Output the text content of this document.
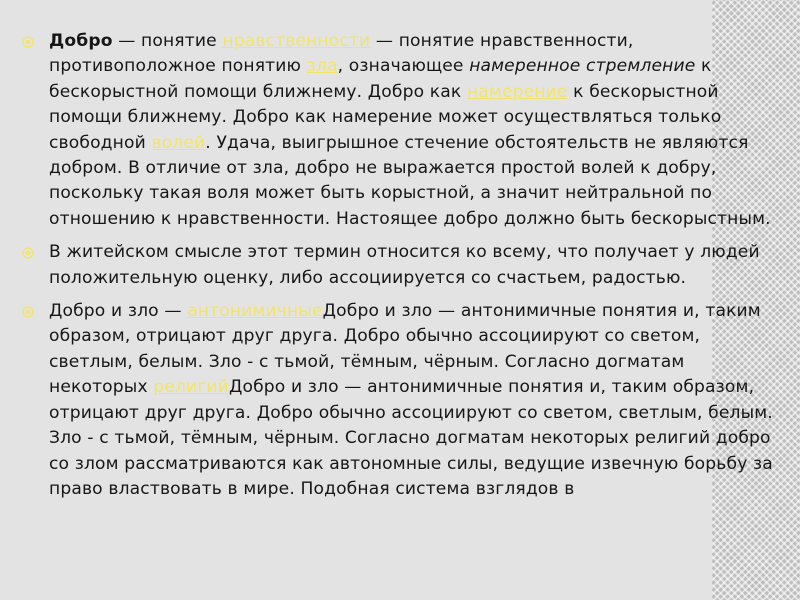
Добро — понятие нравственности — понятие нравственности, противоположное понятию зла, означающее намеренное стремление к бескорыстной помощи ближнему. Добро как намерение к бескорыстной помощи ближнему. Добро как намерение может осуществляться только свободной волей. Удача, выигрышное стечение обстоятельств не являются добром. В отличие от зла, добро не выражается простой волей к добру, поскольку такая воля может быть корыстной, а значит нейтральной по отношению к нравственности. Настоящее добро должно быть бескорыстным.

В житейском смысле этот термин относится ко всему, что получает у людей положительную оценку, либо ассоциируется со счастьем, радостью.

Добро и зло — антонимичныеДобро и зло — антонимичные понятия и, таким образом, отрицают друг друга. Добро обычно ассоциируют со светом, светлым, белым. Зло - с тьмой, тёмным, чёрным. Согласно догматам некоторых религийДобро и зло — антонимичные понятия и, таким образом, отрицают друг друга. Добро обычно ассоциируют со светом, светлым, белым. Зло - с тьмой, тёмным, чёрным. Согласно догматам некоторых религий добро со злом рассматриваются как автономные силы, ведущие извечную борьбу за право властвовать в мире. Подобная система взглядов в
